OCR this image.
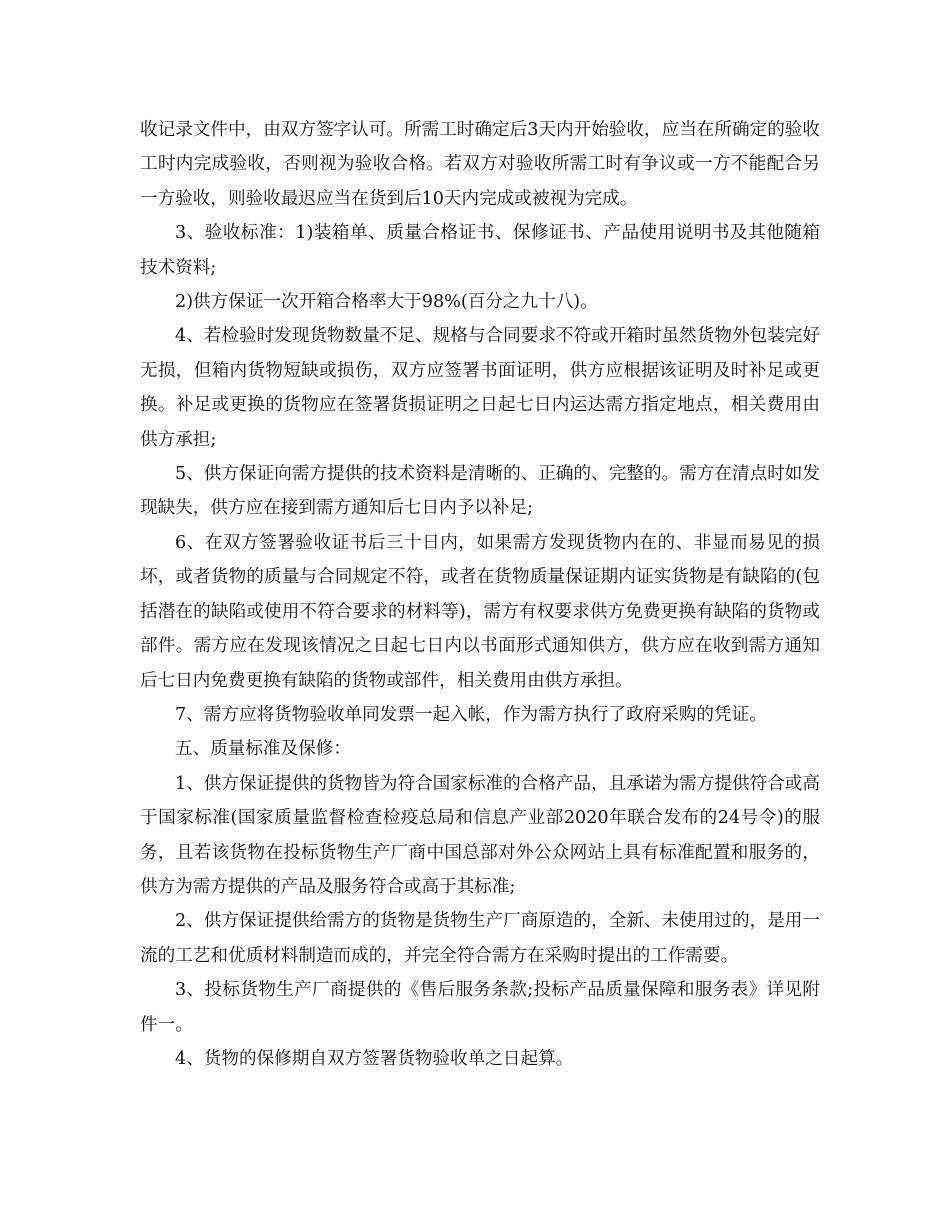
收记录文件中，由双方签字认可。所需工时确定后3天内开始验收，应当在所确定的验收工时内完成验收，否则视为验收合格。若双方对验收所需工时有争议或一方不能配合另一方验收，则验收最迟应当在货到后10天内完成或被视为完成。

3、验收标准：1)装箱单、质量合格证书、保修证书、产品使用说明书及其他随箱技术资料;

2)供方保证一次开箱合格率大于98%(百分之九十八)。

4、若检验时发现货物数量不足、规格与合同要求不符或开箱时虽然货物外包装完好无损，但箱内货物短缺或损伤，双方应签署书面证明，供方应根据该证明及时补足或更换。补足或更换的货物应在签署货损证明之日起七日内运达需方指定地点，相关费用由供方承担;

5、供方保证向需方提供的技术资料是清晰的、正确的、完整的。需方在清点时如发现缺失，供方应在接到需方通知后七日内予以补足;

6、在双方签署验收证书后三十日内，如果需方发现货物内在的、非显而易见的损坏，或者货物的质量与合同规定不符，或者在货物质量保证期内证实货物是有缺陷的(包括潜在的缺陷或使用不符合要求的材料等)，需方有权要求供方免费更换有缺陷的货物或部件。需方应在发现该情况之日起七日内以书面形式通知供方，供方应在收到需方通知后七日内免费更换有缺陷的货物或部件，相关费用由供方承担。

7、需方应将货物验收单同发票一起入帐，作为需方执行了政府采购的凭证。

五、质量标准及保修：

1、供方保证提供的货物皆为符合国家标准的合格产品，且承诺为需方提供符合或高于国家标准(国家质量监督检查检疫总局和信息产业部2020年联合发布的24号令)的服务，且若该货物在投标货物生产厂商中国总部对外公众网站上具有标准配置和服务的，供方为需方提供的产品及服务符合或高于其标准;

2、供方保证提供给需方的货物是货物生产厂商原造的，全新、未使用过的，是用一流的工艺和优质材料制造而成的，并完全符合需方在采购时提出的工作需要。

3、投标货物生产厂商提供的《售后服务条款;投标产品质量保障和服务表》详见附件一。

4、货物的保修期自双方签署货物验收单之日起算。
